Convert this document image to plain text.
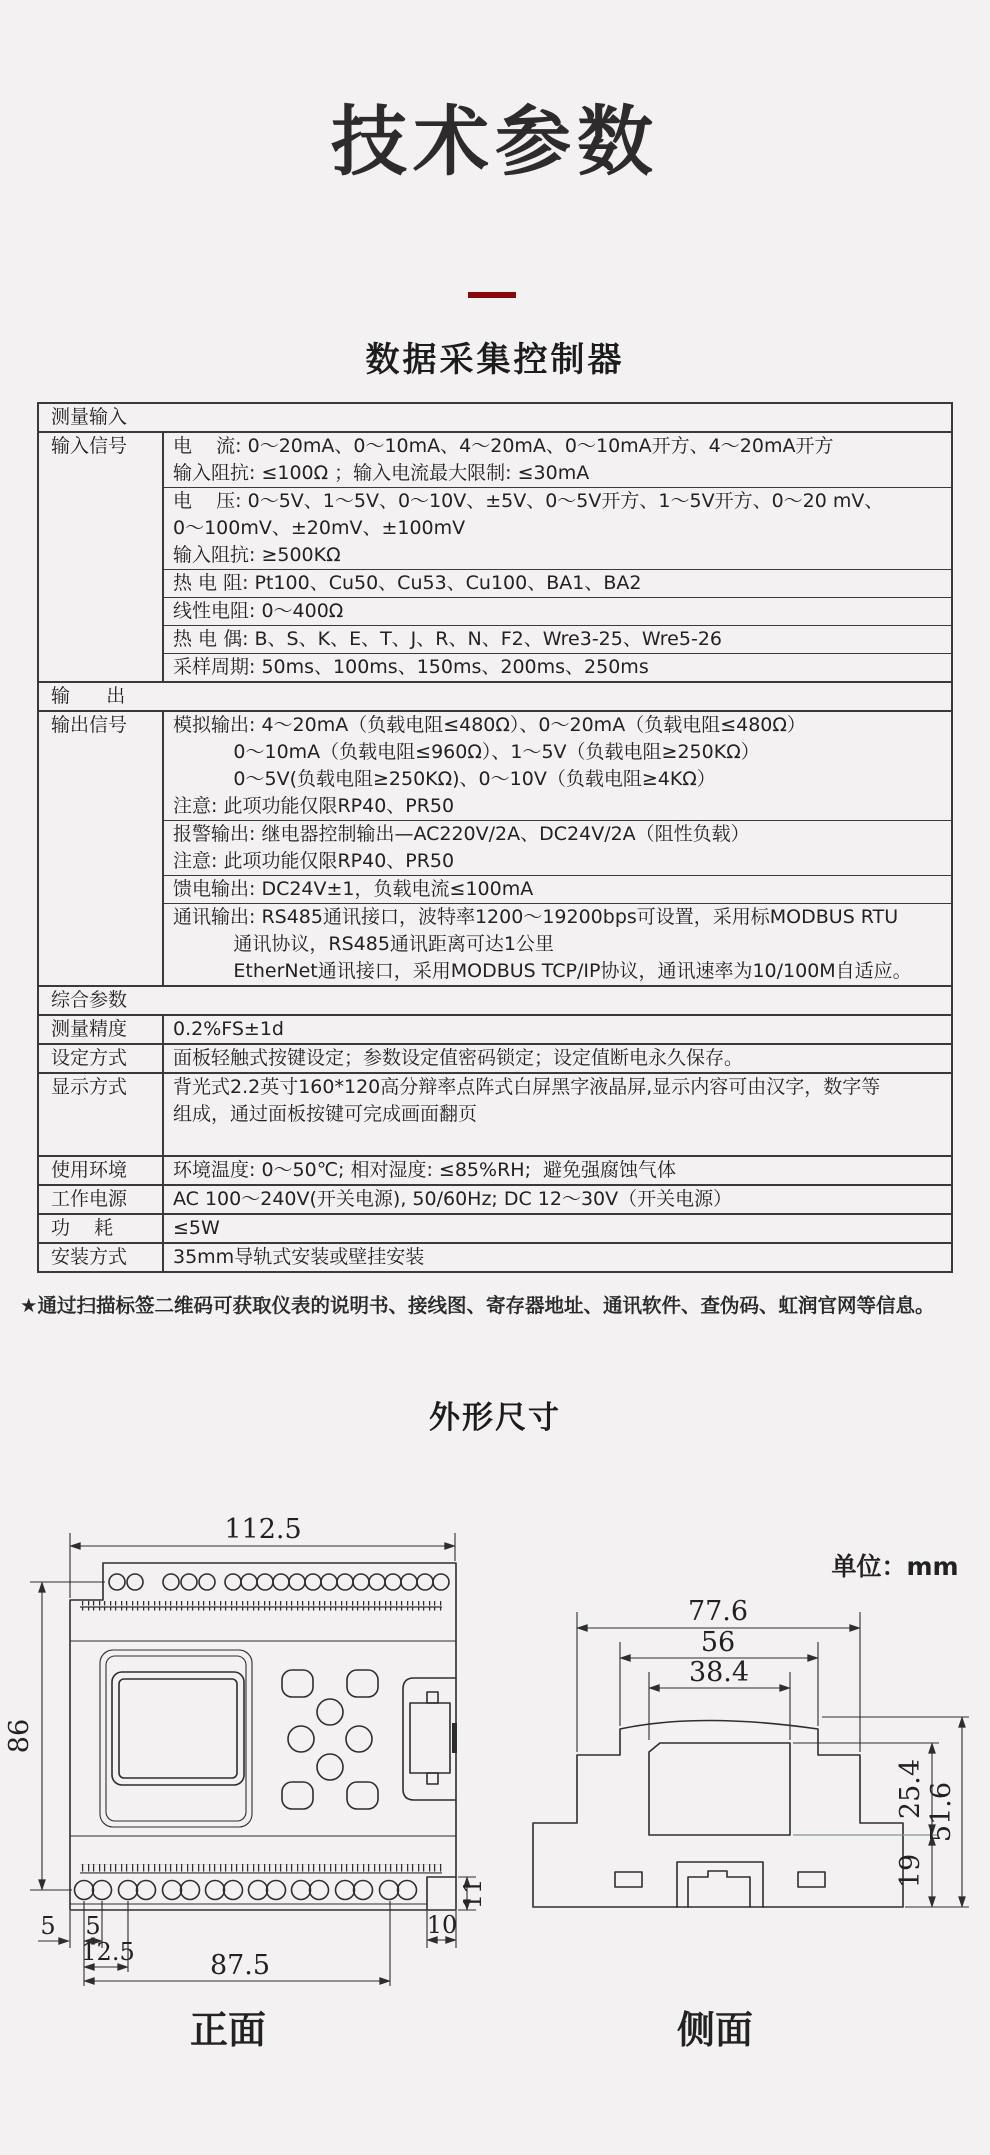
技术参数
数据采集控制器
测量输入
输入信号	电    流: 0～20mA、0～10mA、4～20mA、0～10mA开方、4～20mA开方
输入阻抗: ≤100Ω ；输入电流最大限制: ≤30mA
电    压: 0～5V、1～5V、0～10V、±5V、0～5V开方、1～5V开方、0～20 mV、
0～100mV、±20mV、±100mV
输入阻抗: ≥500KΩ
热 电 阻: Pt100、Cu50、Cu53、Cu100、BA1、BA2
线性电阻: 0～400Ω
热 电 偶: B、S、K、E、T、J、R、N、F2、Wre3-25、Wre5-26
采样周期: 50ms、100ms、150ms、200ms、250ms
输      出
输出信号	模拟输出: 4～20mA（负载电阻≤480Ω）、0～20mA（负载电阻≤480Ω）
0～10mA（负载电阻≤960Ω）、1～5V（负载电阻≥250KΩ）
0～5V(负载电阻≥250KΩ)、0～10V（负载电阻≥4KΩ）
注意: 此项功能仅限RP40、PR50
报警输出: 继电器控制输出—AC220V/2A、DC24V/2A（阻性负载）
注意: 此项功能仅限RP40、PR50
馈电输出: DC24V±1，负载电流≤100mA
通讯输出: RS485通讯接口，波特率1200～19200bps可设置，采用标MODBUS RTU
通讯协议，RS485通讯距离可达1公里
EtherNet通讯接口，采用MODBUS TCP/IP协议，通讯速率为10/100M自适应。
综合参数
测量精度	0.2%FS±1d
设定方式	面板轻触式按键设定；参数设定值密码锁定；设定值断电永久保存。
显示方式	背光式2.2英寸160*120高分辩率点阵式白屏黑字液晶屏,显示内容可由汉字，数字等
组成，通过面板按键可完成画面翻页
使用环境	环境温度: 0～50℃; 相对湿度: ≤85%RH;  避免强腐蚀气体
工作电源	AC 100～240V(开关电源), 50/60Hz; DC 12～30V（开关电源）
功    耗	≤5W
安装方式	35mm导轨式安装或壁挂安装

★通过扫描标签二维码可获取仪表的说明书、接线图、寄存器地址、通讯软件、查伪码、虹润官网等信息。

外形尺寸
112.5
86
5 5
12.5	87.5
10
11
正面
单位：mm
77.6
56
38.4
25.4
19
51.6
侧面
